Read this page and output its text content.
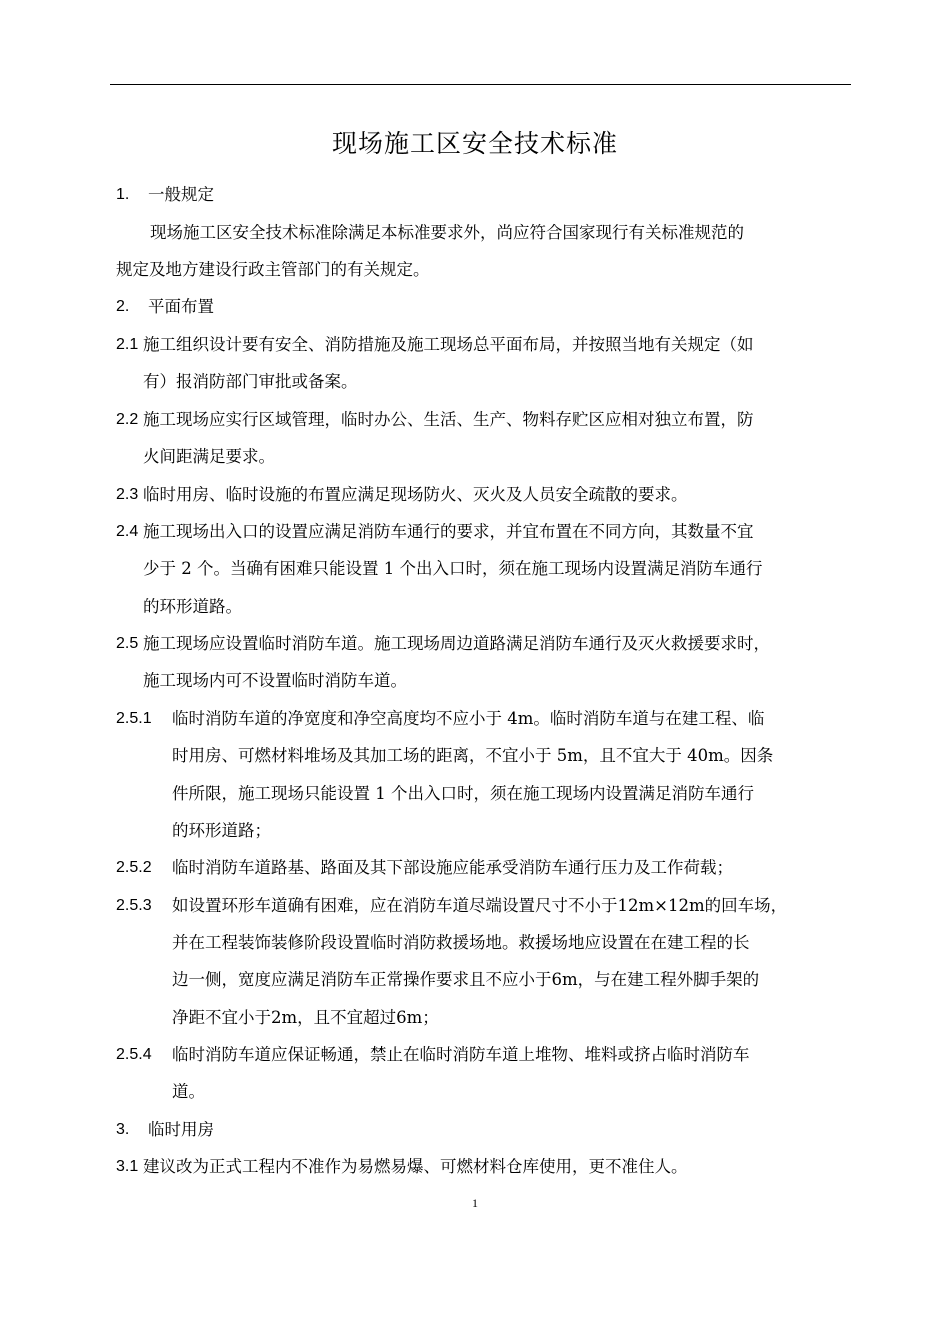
现场施工区安全技术标准
1. 一般规定
现场施工区安全技术标准除满足本标准要求外，尚应符合国家现行有关标准规范的
规定及地方建设行政主管部门的有关规定。
2. 平面布置
2.1 施工组织设计要有安全、消防措施及施工现场总平面布局，并按照当地有关规定（如
有）报消防部门审批或备案。
2.2 施工现场应实行区域管理，临时办公、生活、生产、物料存贮区应相对独立布置，防
火间距满足要求。
2.3 临时用房、临时设施的布置应满足现场防火、灭火及人员安全疏散的要求。
2.4 施工现场出入口的设置应满足消防车通行的要求，并宜布置在不同方向，其数量不宜
少于 2 个。当确有困难只能设置 1 个出入口时，须在施工现场内设置满足消防车通行
的环形道路。
2.5 施工现场应设置临时消防车道。施工现场周边道路满足消防车通行及灭火救援要求时，
施工现场内可不设置临时消防车道。
2.5.1 临时消防车道的净宽度和净空高度均不应小于 4m。临时消防车道与在建工程、临
时用房、可燃材料堆场及其加工场的距离，不宜小于 5m，且不宜大于 40m。因条
件所限，施工现场只能设置 1 个出入口时，须在施工现场内设置满足消防车通行
的环形道路；
2.5.2 临时消防车道路基、路面及其下部设施应能承受消防车通行压力及工作荷载；
2.5.3 如设置环形车道确有困难，应在消防车道尽端设置尺寸不小于12m×12m的回车场，
并在工程装饰装修阶段设置临时消防救援场地。救援场地应设置在在建工程的长
边一侧，宽度应满足消防车正常操作要求且不应小于6m，与在建工程外脚手架的
净距不宜小于2m，且不宜超过6m；
2.5.4 临时消防车道应保证畅通，禁止在临时消防车道上堆物、堆料或挤占临时消防车
道。
3. 临时用房
3.1 建议改为正式工程内不准作为易燃易爆、可燃材料仓库使用，更不准住人。
1
